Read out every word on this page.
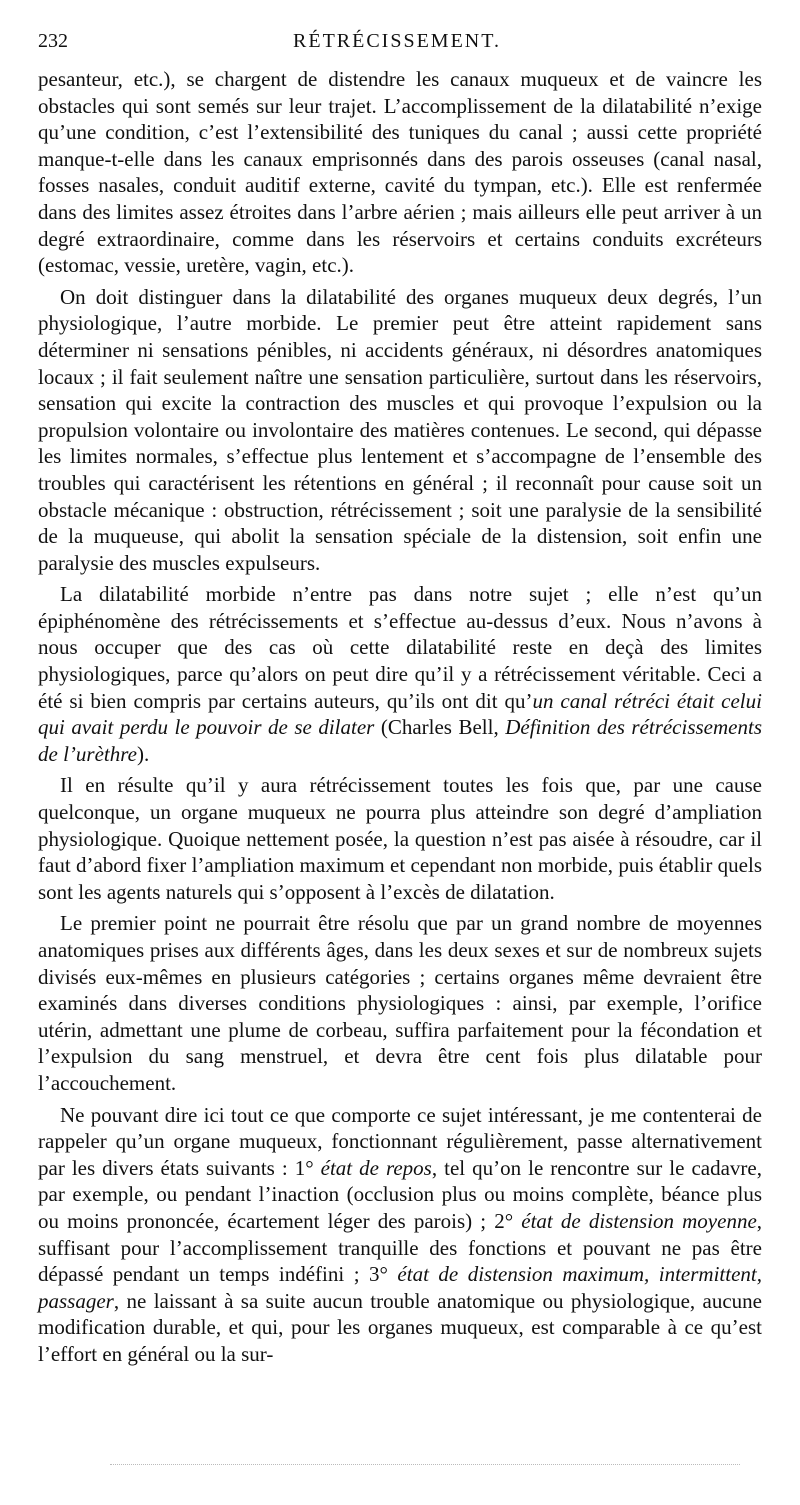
232	RÉTRÉCISSEMENT.

pesanteur, etc.), se chargent de distendre les canaux muqueux et de vaincre les obstacles qui sont semés sur leur trajet. L’accomplissement de la dilatabilité n’exige qu’une condition, c’est l’extensibilité des tuniques du canal ; aussi cette propriété manque-t-elle dans les canaux emprisonnés dans des parois osseuses (canal nasal, fosses nasales, conduit auditif externe, cavité du tympan, etc.). Elle est renfermée dans des limites assez étroites dans l’arbre aérien ; mais ailleurs elle peut arriver à un degré extraordinaire, comme dans les réservoirs et certains conduits excréteurs (estomac, vessie, uretère, vagin, etc.).

On doit distinguer dans la dilatabilité des organes muqueux deux degrés, l’un physiologique, l’autre morbide. Le premier peut être atteint rapidement sans déterminer ni sensations pénibles, ni accidents généraux, ni désordres anatomiques locaux ; il fait seulement naître une sensation particulière, surtout dans les réservoirs, sensation qui excite la contraction des muscles et qui provoque l’expulsion ou la propulsion volontaire ou involontaire des matières contenues. Le second, qui dépasse les limites normales, s’effectue plus lentement et s’accompagne de l’ensemble des troubles qui caractérisent les rétentions en général ; il reconnaît pour cause soit un obstacle mécanique : obstruction, rétrécissement ; soit une paralysie de la sensibilité de la muqueuse, qui abolit la sensation spéciale de la distension, soit enfin une paralysie des muscles expulseurs.

La dilatabilité morbide n’entre pas dans notre sujet ; elle n’est qu’un épiphénomène des rétrécissements et s’effectue au-dessus d’eux. Nous n’avons à nous occuper que des cas où cette dilatabilité reste en deçà des limites physiologiques, parce qu’alors on peut dire qu’il y a rétrécissement véritable. Ceci a été si bien compris par certains auteurs, qu’ils ont dit qu’un canal rétréci était celui qui avait perdu le pouvoir de se dilater (Charles Bell, Définition des rétrécissements de l’urèthre).

Il en résulte qu’il y aura rétrécissement toutes les fois que, par une cause quelconque, un organe muqueux ne pourra plus atteindre son degré d’ampliation physiologique. Quoique nettement posée, la question n’est pas aisée à résoudre, car il faut d’abord fixer l’ampliation maximum et cependant non morbide, puis établir quels sont les agents naturels qui s’opposent à l’excès de dilatation.

Le premier point ne pourrait être résolu que par un grand nombre de moyennes anatomiques prises aux différents âges, dans les deux sexes et sur de nombreux sujets divisés eux-mêmes en plusieurs catégories ; certains organes même devraient être examinés dans diverses conditions physiologiques : ainsi, par exemple, l’orifice utérin, admettant une plume de corbeau, suffira parfaitement pour la fécondation et l’expulsion du sang menstruel, et devra être cent fois plus dilatable pour l’accouchement.

Ne pouvant dire ici tout ce que comporte ce sujet intéressant, je me contenterai de rappeler qu’un organe muqueux, fonctionnant régulièrement, passe alternativement par les divers états suivants : 1° état de repos, tel qu’on le rencontre sur le cadavre, par exemple, ou pendant l’inaction (occlusion plus ou moins complète, béance plus ou moins prononcée, écartement léger des parois) ; 2° état de distension moyenne, suffisant pour l’accomplissement tranquille des fonctions et pouvant ne pas être dépassé pendant un temps indéfini ; 3° état de distension maximum, intermittent, passager, ne laissant à sa suite aucun trouble anatomique ou physiologique, aucune modification durable, et qui, pour les organes muqueux, est comparable à ce qu’est l’effort en général ou la sur-
